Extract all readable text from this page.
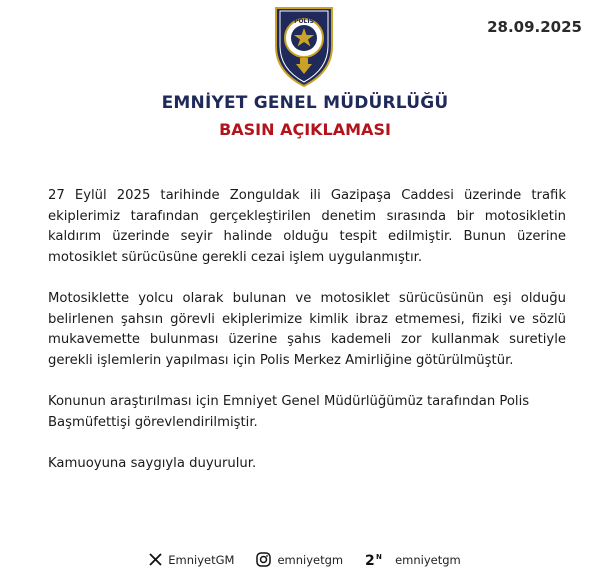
POLİS	28.09.2025
EMNİYET GENEL MÜDÜRLÜĞÜ
BASIN AÇIKLAMASI

27 Eylül 2025 tarihinde Zonguldak ili Gazipaşa Caddesi üzerinde trafik ekiplerimiz tarafından gerçekleştirilen denetim sırasında bir motosikletin kaldırım üzerinde seyir halinde olduğu tespit edilmiştir. Bunun üzerine motosiklet sürücüsüne gerekli cezai işlem uygulanmıştır.

Motosiklette yolcu olarak bulunan ve motosiklet sürücüsünün eşi olduğu belirlenen şahsın görevli ekiplerimize kimlik ibraz etmemesi, fiziki ve sözlü mukavemette bulunması üzerine şahıs kademeli zor kullanmak suretiyle gerekli işlemlerin yapılması için Polis Merkez Amirliğine götürülmüştür.

Konunun araştırılması için Emniyet Genel Müdürlüğümüz tarafından Polis Başmüfettişi görevlendirilmiştir.

Kamuoyuna saygıyla duyurulur.

EmniyetGM	emniyetgm 2 N emniyetgm
